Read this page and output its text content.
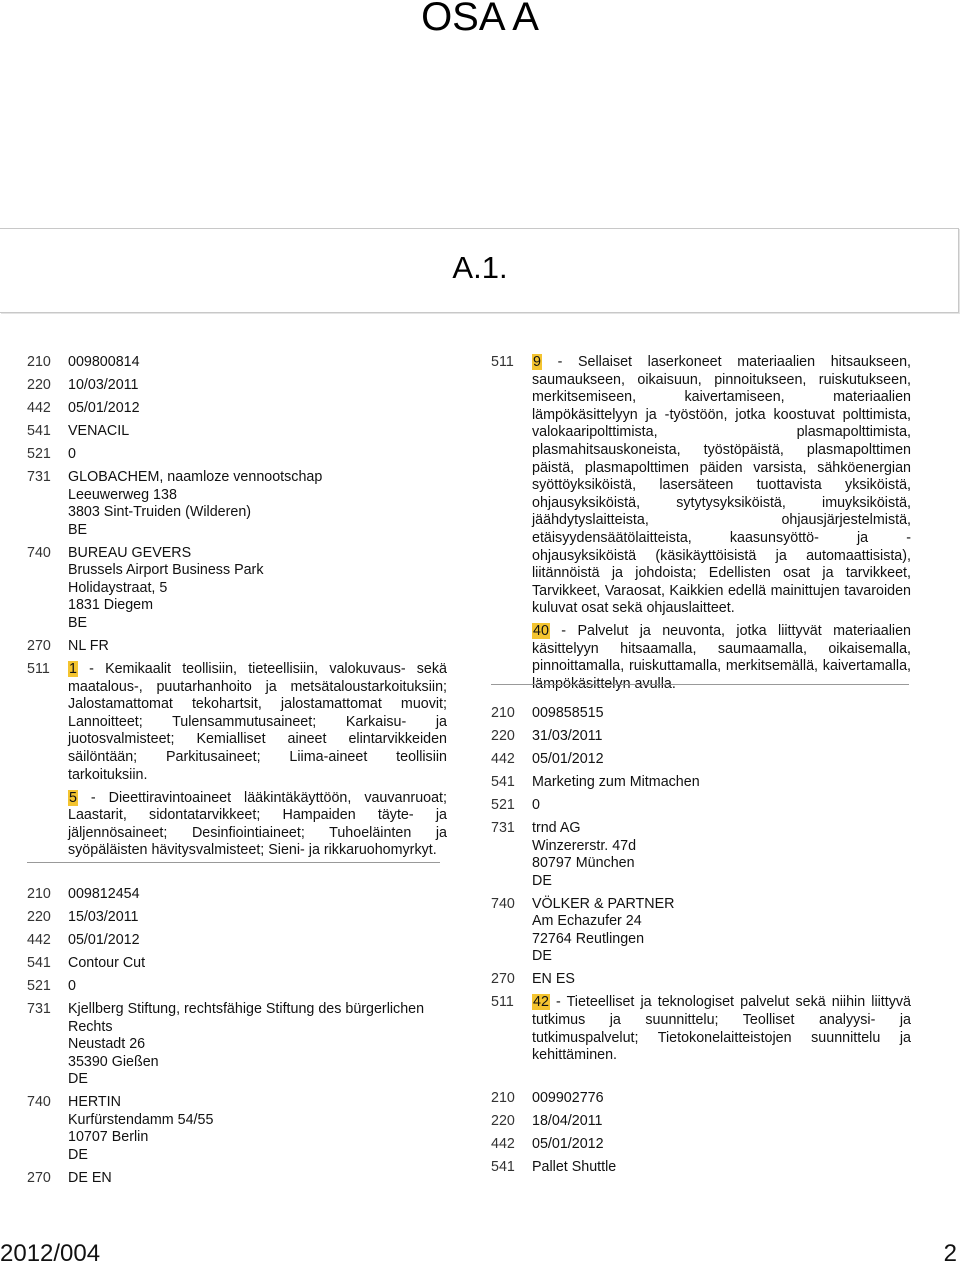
OSA A
A.1.
210	009800814
220	10/03/2011
442	05/01/2012
541	VENACIL
521	0
731	GLOBACHEM, naamloze vennootschap
Leeuwerweg 138
3803 Sint-Truiden (Wilderen)
BE
740	BUREAU GEVERS
Brussels Airport Business Park
Holidaystraat, 5
1831 Diegem
BE
270	NL FR
511	1 - Kemikaalit teollisiin, tieteellisiin, valokuvaus- sekä maatalous-, puutarhanhoito ja metsätaloustarkoituksiin; Jalostamattomat tekohartsit, jalostamattomat muovit; Lannoitteet; Tulensammutusaineet; Karkaisu- ja juotosvalmisteet; Kemialliset aineet elintarvikkeiden säilöntään; Parkitusaineet; Liima-aineet teollisiin tarkoituksiin.
5 - Dieettiravintoaineet lääkintäkäyttöön, vauvanruoat; Laastarit, sidontatarvikkeet; Hampaiden täyte- ja jäljennösaineet; Desinfiointiaineet; Tuhoeläinten ja syöpäläisten hävitysvalmisteet; Sieni- ja rikkaruohomyrkyt.
210	009812454
220	15/03/2011
442	05/01/2012
541	Contour Cut
521	0
731	Kjellberg Stiftung, rechtsfähige Stiftung des bürgerlichen Rechts
Neustadt 26
35390 Gießen
DE
740	HERTIN
Kurfürstendamm 54/55
10707 Berlin
DE
270	DE EN
511	9 - Sellaiset laserkoneet materiaalien hitsaukseen, saumaukseen, oikaisuun, pinnoitukseen, ruiskutukseen, merkitsemiseen, kaivertamiseen, materiaalien lämpökäsittelyyn ja -työstöön, jotka koostuvat polttimista, valokaaripolttimista, plasmapolttimista, plasmahitsauskoneista, työstöpäistä, plasmapolttimen päistä, plasmapolttimen päiden varsista, sähköenergian syöttöyksiköistä, lasersäteen tuottavista yksiköistä, ohjausyksiköistä, sytytysyksiköistä, imuyksiköistä, jäähdytyslaitteista, ohjausjärjestelmistä, etäisyydensäätölaitteista, kaasunsyöttö- ja -ohjausyksiköistä (käsikäyttöisistä ja automaattisista), liitännöistä ja johdoista; Edellisten osat ja tarvikkeet, Tarvikkeet, Varaosat, Kaikkien edellä mainittujen tavaroiden kuluvat osat sekä ohjauslaitteet.
40 - Palvelut ja neuvonta, jotka liittyvät materiaalien käsittelyyn hitsaamalla, saumaamalla, oikaisemalla, pinnoittamalla, ruiskuttamalla, merkitsemällä, kaivertamalla, lämpökäsittelyn avulla.
210	009858515
220	31/03/2011
442	05/01/2012
541	Marketing zum Mitmachen
521	0
731	trnd AG
Winzererstr. 47d
80797 München
DE
740	VÖLKER & PARTNER
Am Echazufer 24
72764 Reutlingen
DE
270	EN ES
511	42 - Tieteelliset ja teknologiset palvelut sekä niihin liittyvä tutkimus ja suunnittelu; Teolliset analyysi- ja tutkimuspalvelut; Tietokonelaitteistojen suunnittelu ja kehittäminen.
210	009902776
220	18/04/2011
442	05/01/2012
541	Pallet Shuttle
2012/004	2
